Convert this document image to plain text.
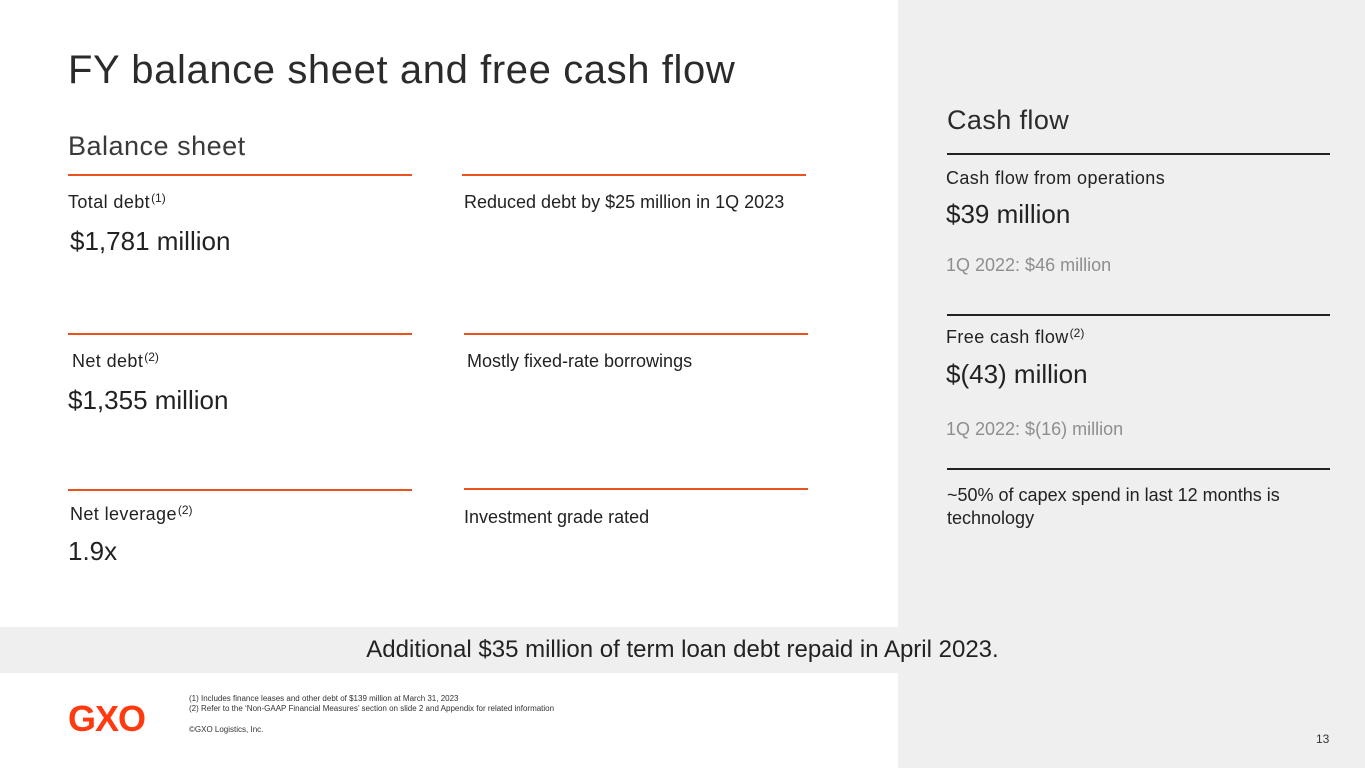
FY balance sheet and free cash flow
Balance sheet
Total debt$^{(1)}$
$1,781 million
Reduced debt by $25 million in 1Q 2023
Net debt$^{(2)}$
$1,355 million
Mostly fixed-rate borrowings
Net leverage$^{(2)}$
1.9x
Investment grade rated
Cash flow
Cash flow from operations
$39 million
1Q 2022: $46 million
Free cash flow$^{(2)}$
$(43) million
1Q 2022: $(16) million
~50% of capex spend in last 12 months is technology
Additional $35 million of term loan debt repaid in April 2023.
GXO	(1) Includes finance leases and other debt of $139 million at March 31, 2023
(2) Refer to the ‘Non-GAAP Financial Measures’ section on slide 2 and Appendix for related information
©GXO Logistics, Inc.
13
